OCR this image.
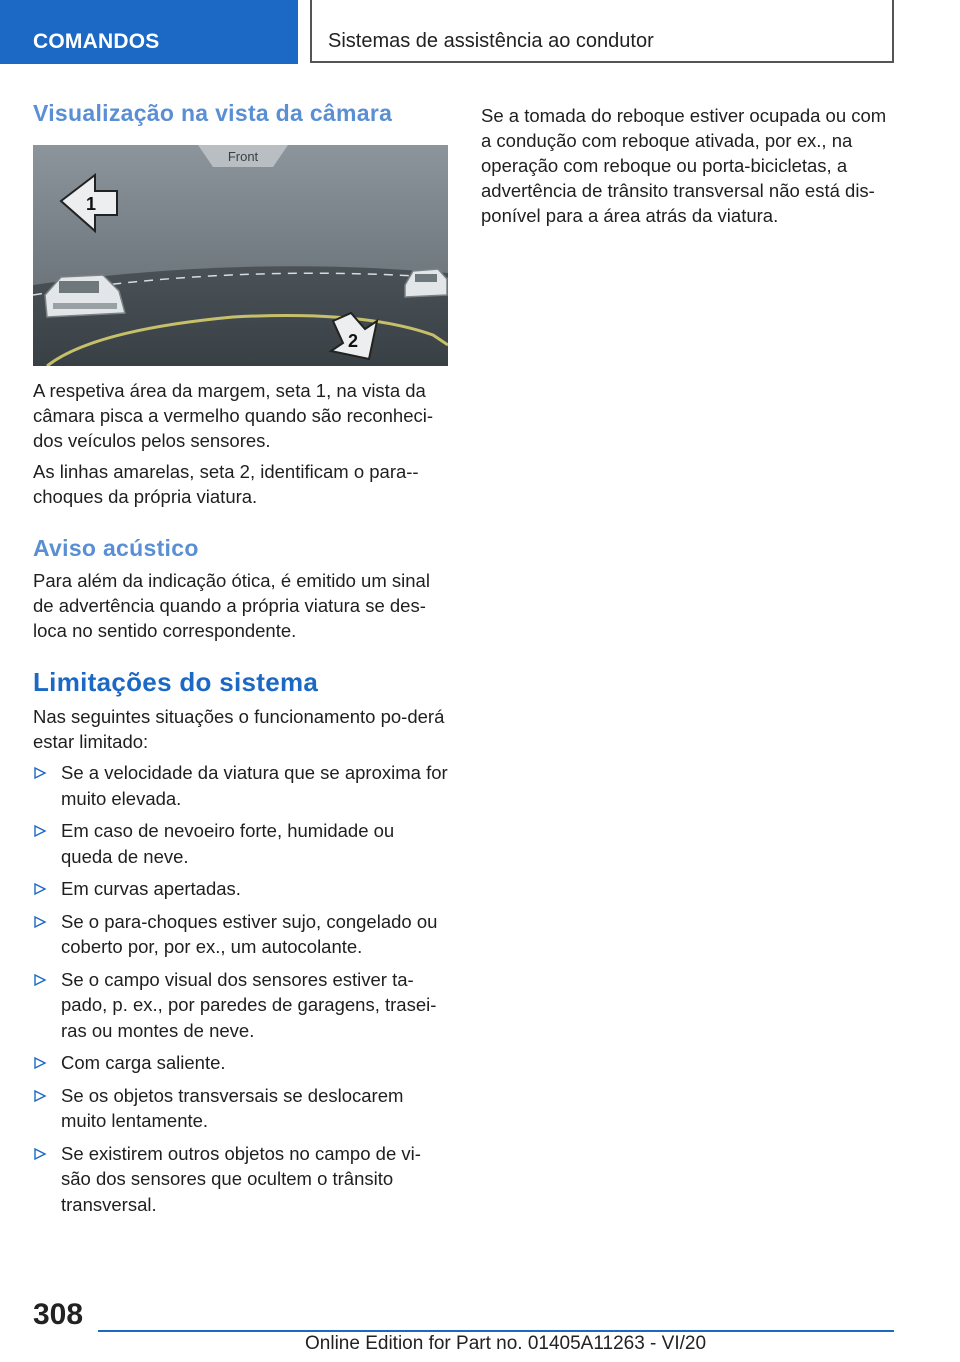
COMANDOS	Sistemas de assistência ao condutor
Visualização na vista da câmara
Front
1
2

A respetiva área da margem, seta 1, na vista da câmara pisca a vermelho quando são reconheci‐dos veículos pelos sensores.

As linhas amarelas, seta 2, identificam o para-‐choques da própria viatura.

Aviso acústico

Para além da indicação ótica, é emitido um sinal de advertência quando a própria viatura se des‐loca no sentido correspondente.

Limitações do sistema

Nas seguintes situações o funcionamento po‐derá estar limitado:

Se a velocidade da viatura que se aproxima for muito elevada.

Em caso de nevoeiro forte, humidade ou queda de neve.

Em curvas apertadas.

Se o para-choques estiver sujo, congelado ou coberto por, por ex., um autocolante.

Se o campo visual dos sensores estiver ta‐pado, p. ex., por paredes de garagens, trasei‐ras ou montes de neve.

Com carga saliente.

Se os objetos transversais se deslocarem muito lentamente.

Se existirem outros objetos no campo de vi‐são dos sensores que ocultem o trânsito transversal.

Se a tomada do reboque estiver ocupada ou com a condução com reboque ativada, por ex., na operação com reboque ou porta-bicicletas, a advertência de trânsito transversal não está dis‐ponível para a área atrás da viatura.

308
Online Edition for Part no. 01405A11263 - VI/20
